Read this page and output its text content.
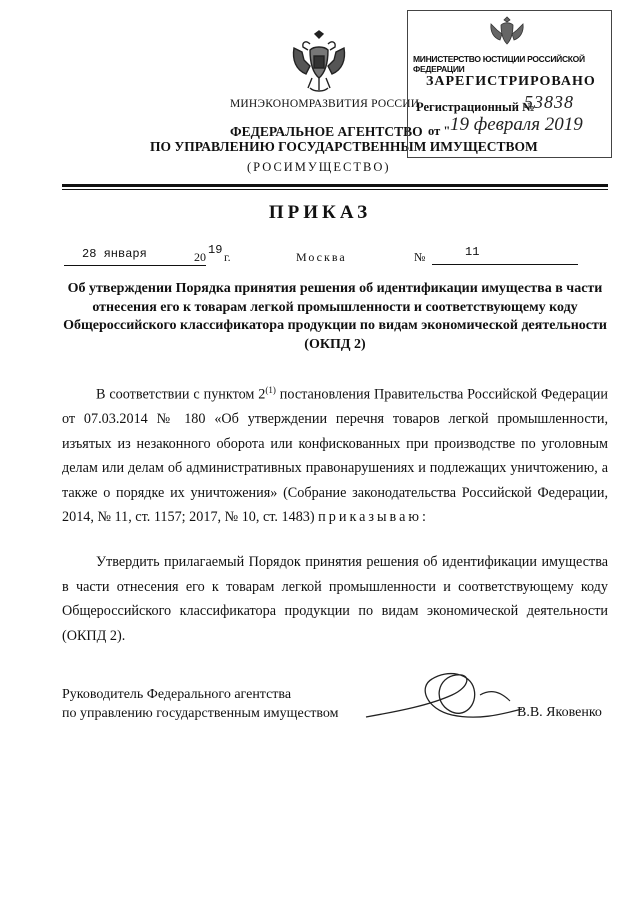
МИНЭКОНОМРАЗВИТИЯ РОССИИ
ФЕДЕРАЛЬНОЕ АГЕНТСТВО
ПО УПРАВЛЕНИЮ ГОСУДАРСТВЕННЫМ ИМУЩЕСТВОМ
(РОСИМУЩЕСТВО)
МИНИСТЕРСТВО ЮСТИЦИИ РОССИЙСКОЙ ФЕДЕРАЦИИ
ЗАРЕГИСТРИРОВАНО
Регистрационный №
53838
от " 19 февраля 2019
ПРИКАЗ
28 января	20 19 г.	Москва	№	11
Об утверждении Порядка принятия решения об идентификации имущества в части отнесения его к товарам легкой промышленности и соответствующему коду Общероссийского классификатора продукции по видам экономической деятельности (ОКПД 2)
В соответствии с пунктом 2$^{(1)}$ постановления Правительства Российской Федерации от 07.03.2014 № 180 «Об утверждении перечня товаров легкой промышленности, изъятых из незаконного оборота или конфискованных при производстве по уголовным делам или делам об административных правонарушениях и подлежащих уничтожению, а также о порядке их уничтожения» (Собрание законодательства Российской Федерации, 2014, № 11, ст. 1157; 2017, № 10, ст. 1483) приказываю:
Утвердить прилагаемый Порядок принятия решения об идентификации имущества в части отнесения его к товарам легкой промышленности и соответствующему коду Общероссийского классификатора продукции по видам экономической деятельности (ОКПД 2).
Руководитель Федерального агентства
по управлению государственным имуществом	В.В. Яковенко
